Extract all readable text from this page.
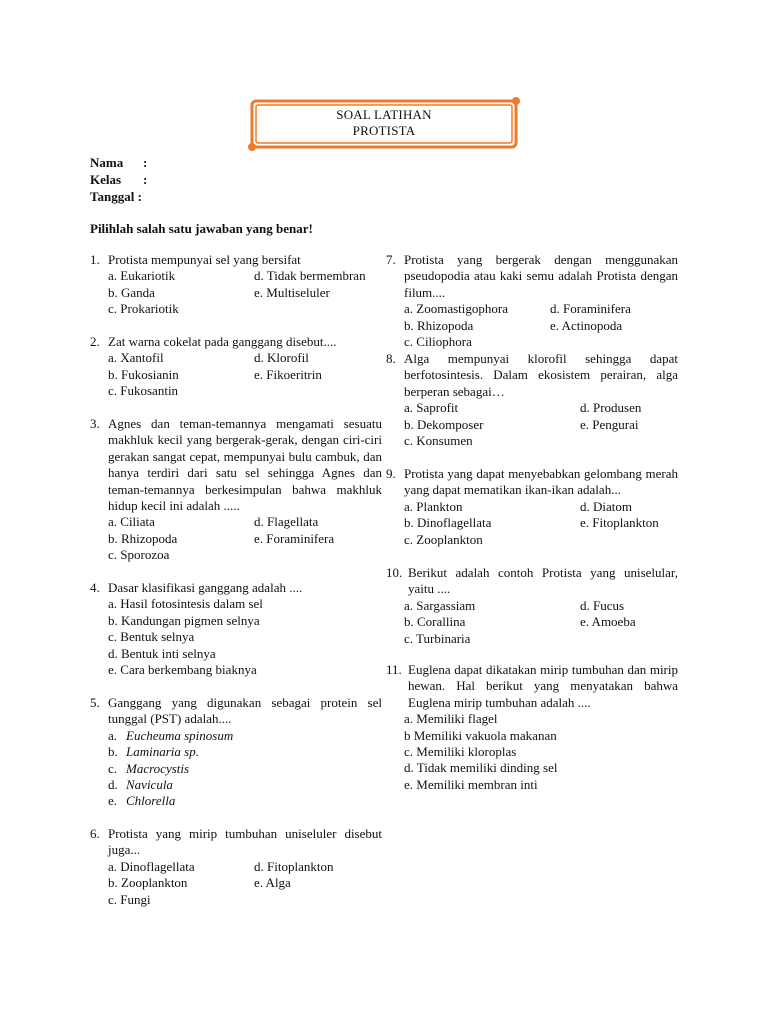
SOAL LATIHAN
PROTISTA
Nama	:
Kelas	:
Tanggal :
Pilihlah salah satu jawaban yang benar!
1. Protista mempunyai sel yang bersifat
a. Eukariotik	d. Tidak bermembran
b. Ganda	e. Multiseluler
c. Prokariotik
2. Zat warna cokelat pada ganggang disebut....
a. Xantofil	d. Klorofil
b. Fukosianin	e. Fikoeritrin
c. Fukosantin
3. Agnes dan teman-temannya mengamati sesuatu makhluk kecil yang bergerak-gerak, dengan ciri-ciri gerakan sangat cepat, mempunyai bulu cambuk, dan hanya terdiri dari satu sel sehingga Agnes dan teman-temannya berkesimpulan bahwa makhluk hidup kecil ini adalah .....
a. Ciliata	d. Flagellata
b. Rhizopoda	e. Foraminifera
c. Sporozoa
4. Dasar klasifikasi ganggang adalah ....
a. Hasil fotosintesis dalam sel
b. Kandungan pigmen selnya
c. Bentuk selnya
d. Bentuk inti selnya
e. Cara berkembang biaknya
5. Ganggang yang digunakan sebagai protein sel tunggal (PST) adalah....
a. Eucheuma spinosum
b. Laminaria sp.
c. Macrocystis
d. Navicula
e. Chlorella
6. Protista yang mirip tumbuhan uniseluler disebut juga...
a. Dinoflagellata	d. Fitoplankton
b. Zooplankton	e. Alga
c. Fungi
7. Protista yang bergerak dengan menggunakan pseudopodia atau kaki semu adalah Protista dengan filum....
a. Zoomastigophora	d. Foraminifera
b. Rhizopoda	e. Actinopoda
c. Ciliophora
8. Alga mempunyai klorofil sehingga dapat berfotosintesis. Dalam ekosistem perairan, alga berperan sebagai…
a. Saprofit	d. Produsen
b. Dekomposer	e. Pengurai
c. Konsumen
9. Protista yang dapat menyebabkan gelombang merah yang dapat mematikan ikan-ikan adalah...
a. Plankton	d. Diatom
b. Dinoflagellata	e. Fitoplankton
c. Zooplankton
10. Berikut adalah contoh Protista yang uniselular, yaitu ....
a. Sargassiam	d. Fucus
b. Corallina	e. Amoeba
c. Turbinaria
11. Euglena dapat dikatakan mirip tumbuhan dan mirip hewan. Hal berikut yang menyatakan bahwa Euglena mirip tumbuhan adalah ....
a. Memiliki flagel
b Memiliki vakuola makanan
c. Memiliki kloroplas
d. Tidak memiliki dinding sel
e. Memiliki membran inti
